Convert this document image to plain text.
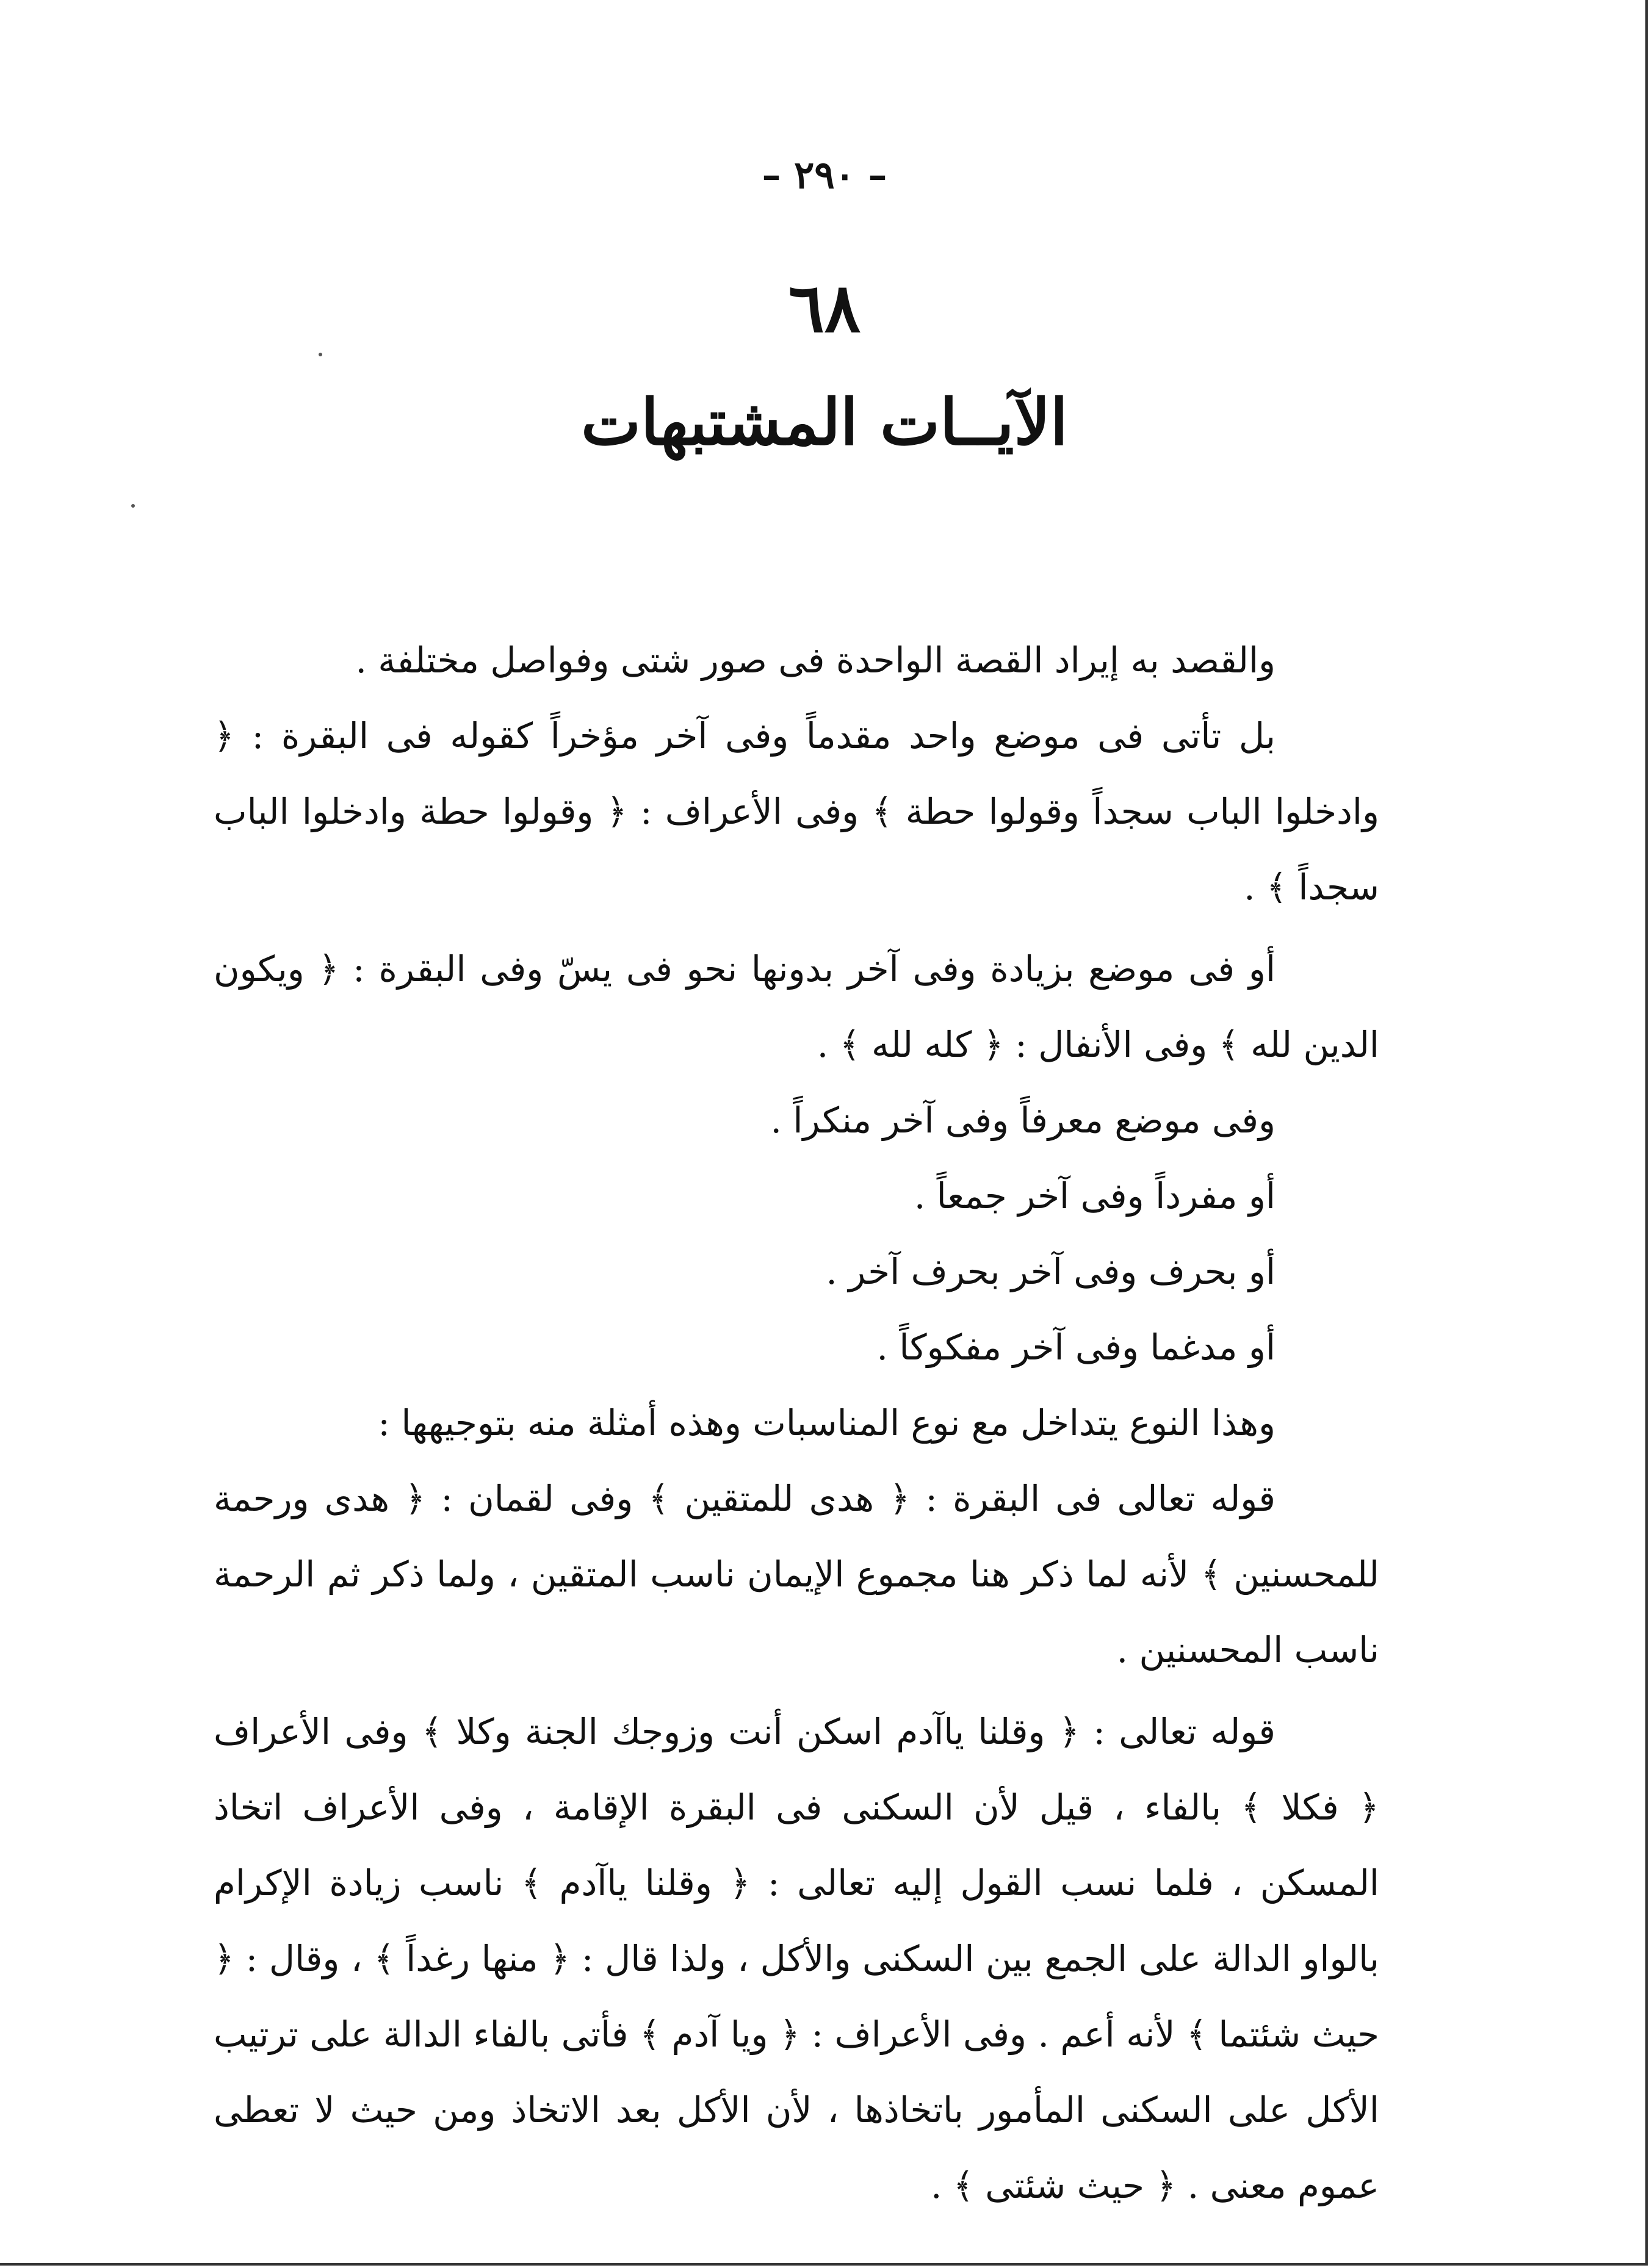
– ٢٩٠ –
٦٨
الآيــات المشتبهات

والقصد به إيراد القصة الواحدة فى صور شتى وفواصل مختلفة .

بل تأتى فى موضع واحد مقدماً وفى آخر مؤخراً كقوله فى البقرة : ﴿ وادخلوا الباب سجداً وقولوا حطة ﴾ وفى الأعراف : ﴿ وقولوا حطة وادخلوا الباب سجداً ﴾ .

أو فى موضع بزيادة وفى آخر بدونها نحو فى يسّ وفى البقرة : ﴿ ويكون الدين لله ﴾ وفى الأنفال : ﴿ كله لله ﴾ .

وفى موضع معرفاً وفى آخر منكراً .

أو مفرداً وفى آخر جمعاً .

أو بحرف وفى آخر بحرف آخر .

أو مدغما وفى آخر مفكوكاً .

وهذا النوع يتداخل مع نوع المناسبات وهذه أمثلة منه بتوجيهها :

قوله تعالى فى البقرة : ﴿ هدى للمتقين ﴾ وفى لقمان : ﴿ هدى ورحمة للمحسنين ﴾ لأنه لما ذكر هنا مجموع الإيمان ناسب المتقين ، ولما ذكر ثم الرحمة ناسب المحسنين .

قوله تعالى : ﴿ وقلنا ياآدم اسكن أنت وزوجك الجنة وكلا ﴾ وفى الأعراف ﴿ فكلا ﴾ بالفاء ، قيل لأن السكنى فى البقرة الإقامة ، وفى الأعراف اتخاذ المسكن ، فلما نسب القول إليه تعالى : ﴿ وقلنا ياآدم ﴾ ناسب زيادة الإكرام بالواو الدالة على الجمع بين السكنى والأكل ، ولذا قال : ﴿ منها رغداً ﴾ ، وقال : ﴿ حيث شئتما ﴾ لأنه أعم . وفى الأعراف : ﴿ ويا آدم ﴾ فأتى بالفاء الدالة على ترتيب الأكل على السكنى المأمور باتخاذها ، لأن الأكل بعد الاتخاذ ومن حيث لا تعطى عموم معنى . ﴿ حيث شئتى ﴾ .
